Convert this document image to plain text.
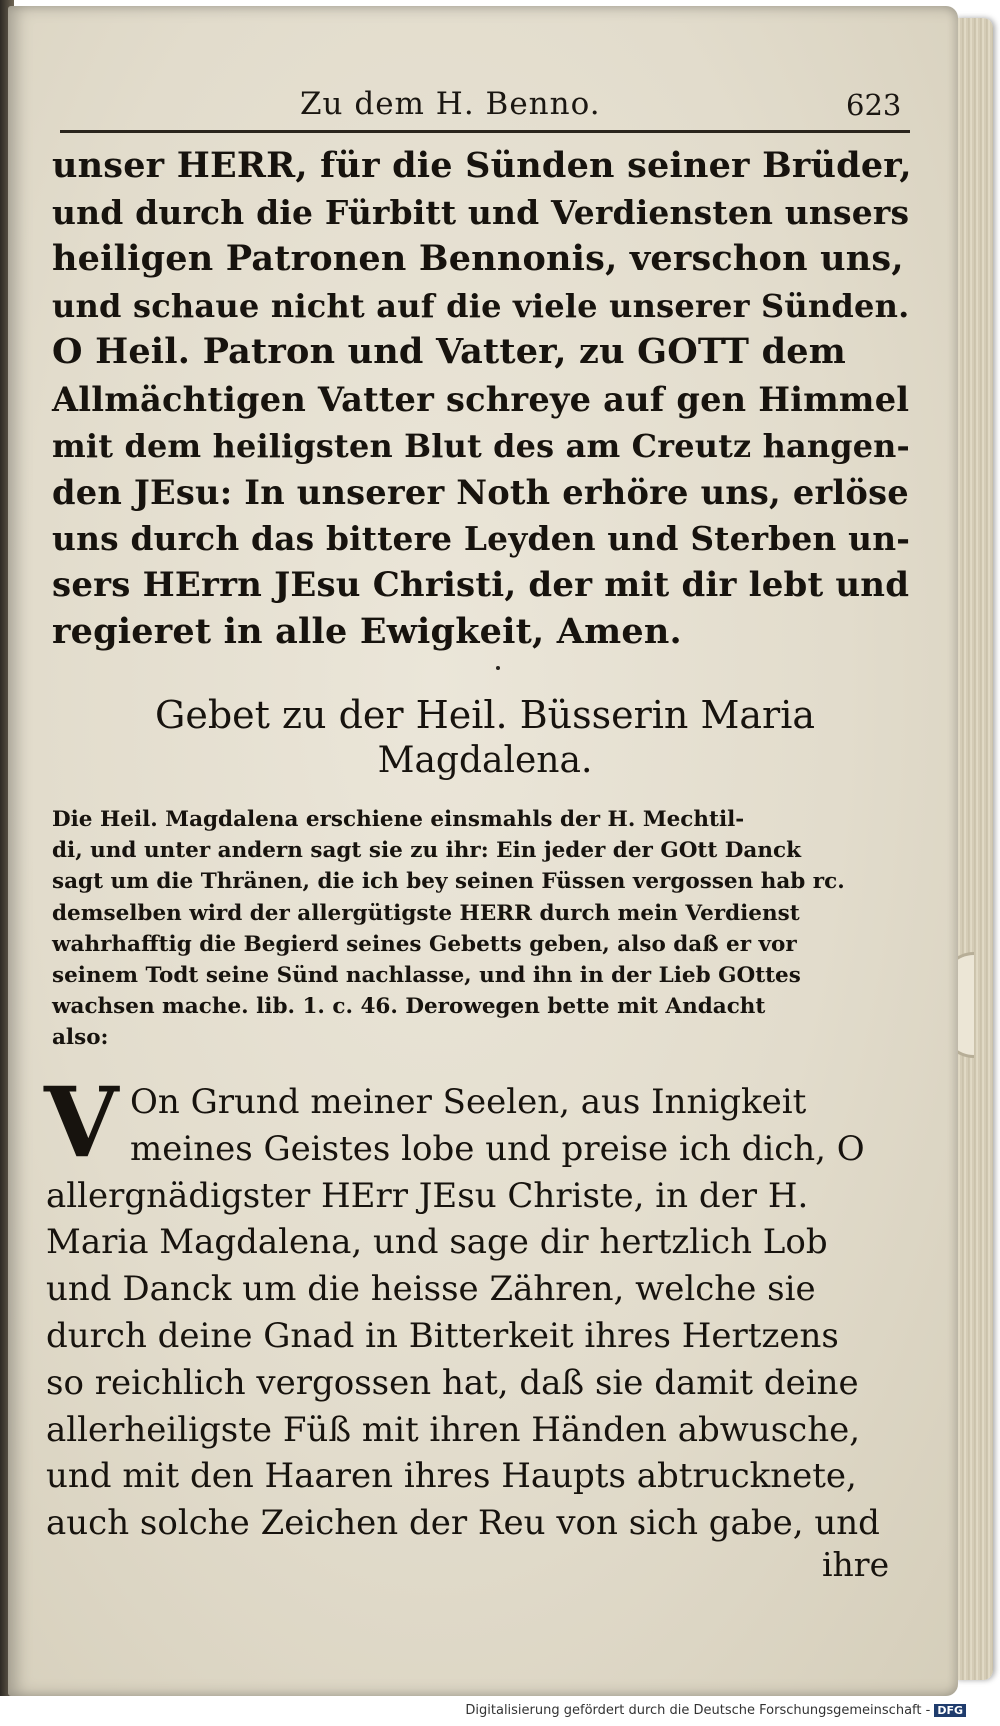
Zu dem H. Benno.	623
unser HERR, für die Sünden seiner Brüder,
und durch die Fürbitt und Verdiensten unsers
heiligen Patronen Bennonis, verschon uns,
und schaue nicht auf die viele unserer Sünden.
O Heil. Patron und Vatter, zu GOTT dem
Allmächtigen Vatter schreye auf gen Himmel
mit dem heiligsten Blut des am Creutz hangen-
den JEsu: In unserer Noth erhöre uns, erlöse
uns durch das bittere Leyden und Sterben un-
sers HErrn JEsu Christi, der mit dir lebt und
regieret in alle Ewigkeit, Amen.
Gebet zu der Heil. Büsserin Maria
Magdalena.
Die Heil. Magdalena erschiene einsmahls der H. Mechtil-
di, und unter andern sagt sie zu ihr: Ein jeder der GOtt Danck
sagt um die Thränen, die ich bey seinen Füssen vergossen hab rc.
demselben wird der allergütigste HERR durch mein Verdienst
wahrhafftig die Begierd seines Gebetts geben, also daß er vor
seinem Todt seine Sünd nachlasse, und ihn in der Lieb GOttes
wachsen mache. lib. 1. c. 46. Derowegen bette mit Andacht
also:
V On Grund meiner Seelen, aus Innigkeit
meines Geistes lobe und preise ich dich, O
allergnädigster HErr JEsu Christe, in der H.
Maria Magdalena, und sage dir hertzlich Lob
und Danck um die heisse Zähren, welche sie
durch deine Gnad in Bitterkeit ihres Hertzens
so reichlich vergossen hat, daß sie damit deine
allerheiligste Füß mit ihren Händen abwusche,
und mit den Haaren ihres Haupts abtrucknete,
auch solche Zeichen der Reu von sich gabe, und
ihre
Digitalisierung gefördert durch die Deutsche Forschungsgemeinschaft - DFG
